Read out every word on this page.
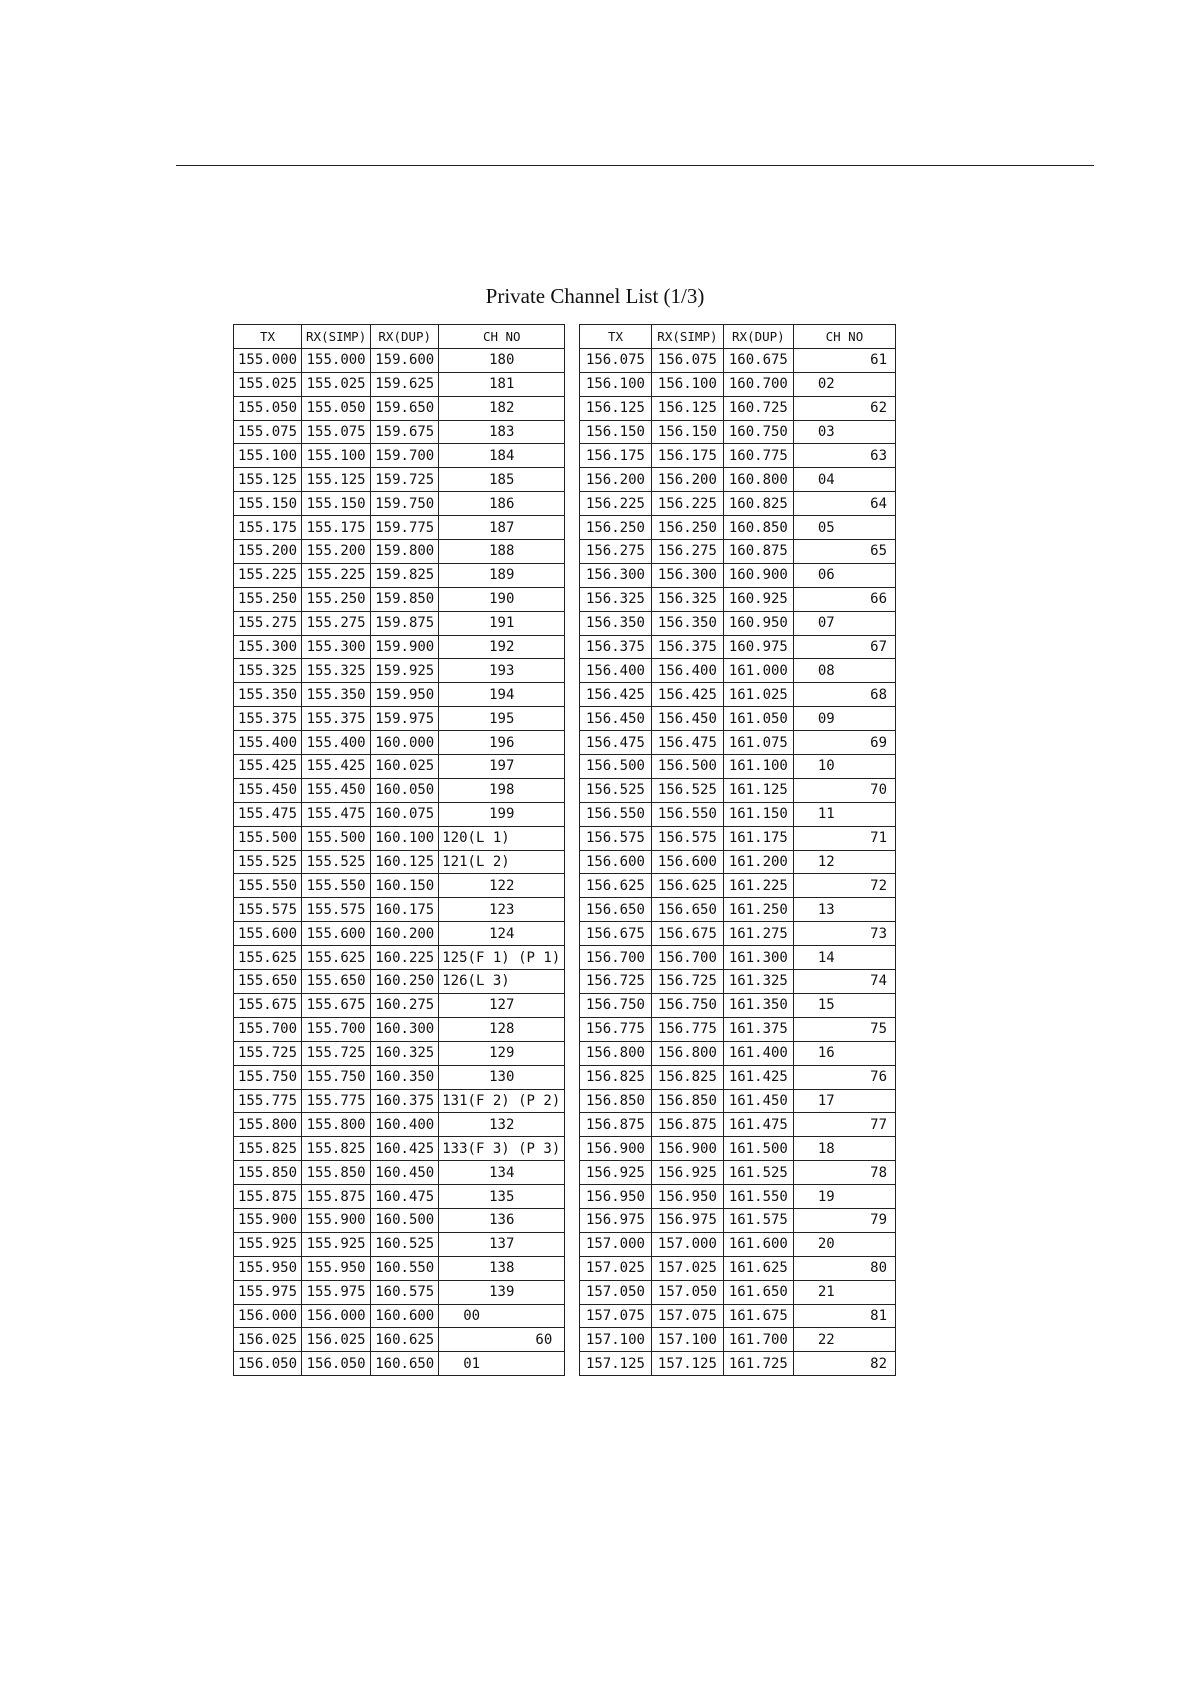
Private Channel List (1/3)
TX	RX(SIMP)	RX(DUP)	CH NO
155.000	155.000	159.600	180
155.025	155.025	159.625	181
155.050	155.050	159.650	182
155.075	155.075	159.675	183
155.100	155.100	159.700	184
155.125	155.125	159.725	185
155.150	155.150	159.750	186
155.175	155.175	159.775	187
155.200	155.200	159.800	188
155.225	155.225	159.825	189
155.250	155.250	159.850	190
155.275	155.275	159.875	191
155.300	155.300	159.900	192
155.325	155.325	159.925	193
155.350	155.350	159.950	194
155.375	155.375	159.975	195
155.400	155.400	160.000	196
155.425	155.425	160.025	197
155.450	155.450	160.050	198
155.475	155.475	160.075	199
155.500	155.500	160.100	120(L 1)
155.525	155.525	160.125	121(L 2)
155.550	155.550	160.150	122
155.575	155.575	160.175	123
155.600	155.600	160.200	124
155.625	155.625	160.225	125(F 1) (P 1)
155.650	155.650	160.250	126(L 3)
155.675	155.675	160.275	127
155.700	155.700	160.300	128
155.725	155.725	160.325	129
155.750	155.750	160.350	130
155.775	155.775	160.375	131(F 2) (P 2)
155.800	155.800	160.400	132
155.825	155.825	160.425	133(F 3) (P 3)
155.850	155.850	160.450	134
155.875	155.875	160.475	135
155.900	155.900	160.500	136
155.925	155.925	160.525	137
155.950	155.950	160.550	138
155.975	155.975	160.575	139
156.000	156.000	160.600	00
156.025	156.025	160.625	60
156.050	156.050	160.650	01
TX	RX(SIMP)	RX(DUP)	CH NO
156.075	156.075	160.675	61
156.100	156.100	160.700	02
156.125	156.125	160.725	62
156.150	156.150	160.750	03
156.175	156.175	160.775	63
156.200	156.200	160.800	04
156.225	156.225	160.825	64
156.250	156.250	160.850	05
156.275	156.275	160.875	65
156.300	156.300	160.900	06
156.325	156.325	160.925	66
156.350	156.350	160.950	07
156.375	156.375	160.975	67
156.400	156.400	161.000	08
156.425	156.425	161.025	68
156.450	156.450	161.050	09
156.475	156.475	161.075	69
156.500	156.500	161.100	10
156.525	156.525	161.125	70
156.550	156.550	161.150	11
156.575	156.575	161.175	71
156.600	156.600	161.200	12
156.625	156.625	161.225	72
156.650	156.650	161.250	13
156.675	156.675	161.275	73
156.700	156.700	161.300	14
156.725	156.725	161.325	74
156.750	156.750	161.350	15
156.775	156.775	161.375	75
156.800	156.800	161.400	16
156.825	156.825	161.425	76
156.850	156.850	161.450	17
156.875	156.875	161.475	77
156.900	156.900	161.500	18
156.925	156.925	161.525	78
156.950	156.950	161.550	19
156.975	156.975	161.575	79
157.000	157.000	161.600	20
157.025	157.025	161.625	80
157.050	157.050	161.650	21
157.075	157.075	161.675	81
157.100	157.100	161.700	22
157.125	157.125	161.725	82
